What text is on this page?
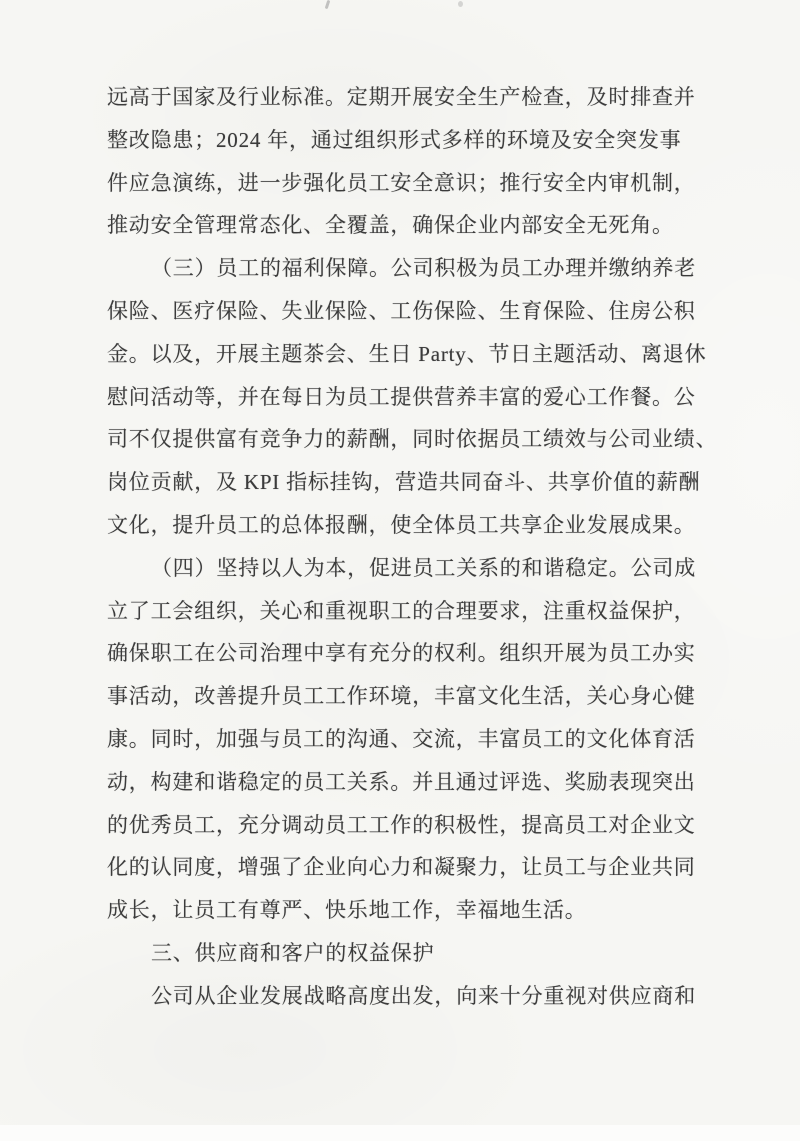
远高于国家及行业标准。定期开展安全生产检查，及时排查并
整改隐患；2024 年，通过组织形式多样的环境及安全突发事
件应急演练，进一步强化员工安全意识；推行安全内审机制，
推动安全管理常态化、全覆盖，确保企业内部安全无死角。
（三）员工的福利保障。公司积极为员工办理并缴纳养老
保险、医疗保险、失业保险、工伤保险、生育保险、住房公积
金。以及，开展主题茶会、生日 Party、节日主题活动、离退休
慰问活动等，并在每日为员工提供营养丰富的爱心工作餐。公
司不仅提供富有竞争力的薪酬，同时依据员工绩效与公司业绩、
岗位贡献，及 KPI 指标挂钩，营造共同奋斗、共享价值的薪酬
文化，提升员工的总体报酬，使全体员工共享企业发展成果。
（四）坚持以人为本，促进员工关系的和谐稳定。公司成
立了工会组织，关心和重视职工的合理要求，注重权益保护，
确保职工在公司治理中享有充分的权利。组织开展为员工办实
事活动，改善提升员工工作环境，丰富文化生活，关心身心健
康。同时，加强与员工的沟通、交流，丰富员工的文化体育活
动，构建和谐稳定的员工关系。并且通过评选、奖励表现突出
的优秀员工，充分调动员工工作的积极性，提高员工对企业文
化的认同度，增强了企业向心力和凝聚力，让员工与企业共同
成长，让员工有尊严、快乐地工作，幸福地生活。
三、供应商和客户的权益保护
公司从企业发展战略高度出发，向来十分重视对供应商和
